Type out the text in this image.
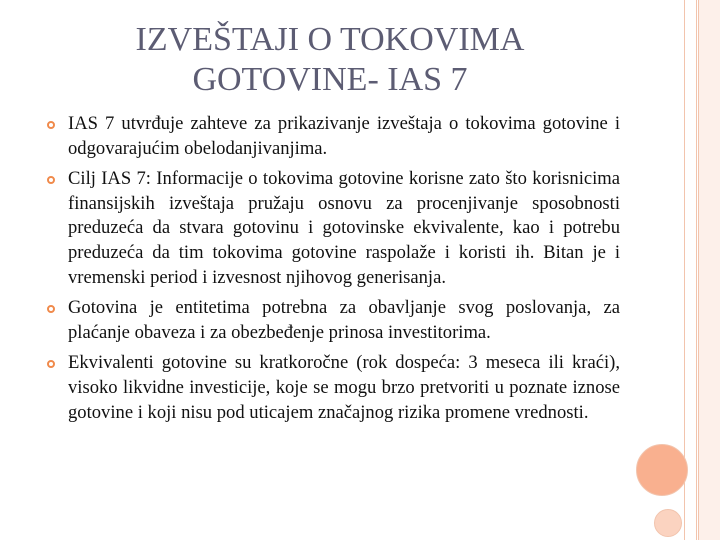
IZVEŠTAJI O TOKOVIMA
GOTOVINE- IAS 7
IAS 7 utvrđuje zahteve za prikazivanje izveštaja o tokovima gotovine i odgovarajućim obelodanjivanjima.
Cilj IAS 7: Informacije o tokovima gotovine korisne zato što korisnicima finansijskih izveštaja pružaju osnovu za procenjivanje sposobnosti preduzeća da stvara gotovinu i gotovinske ekvivalente, kao i potrebu preduzeća da tim tokovima gotovine raspolaže i koristi ih. Bitan je i vremenski period i izvesnost njihovog generisanja.
Gotovina je entitetima potrebna za obavljanje svog poslovanja, za plaćanje obaveza i za obezbeđenje prinosa investitorima.
Ekvivalenti gotovine su kratkoročne (rok dospeća: 3 meseca ili kraći), visoko likvidne investicije, koje se mogu brzo pretvoriti u poznate iznose gotovine i koji nisu pod uticajem značajnog rizika promene vrednosti.
